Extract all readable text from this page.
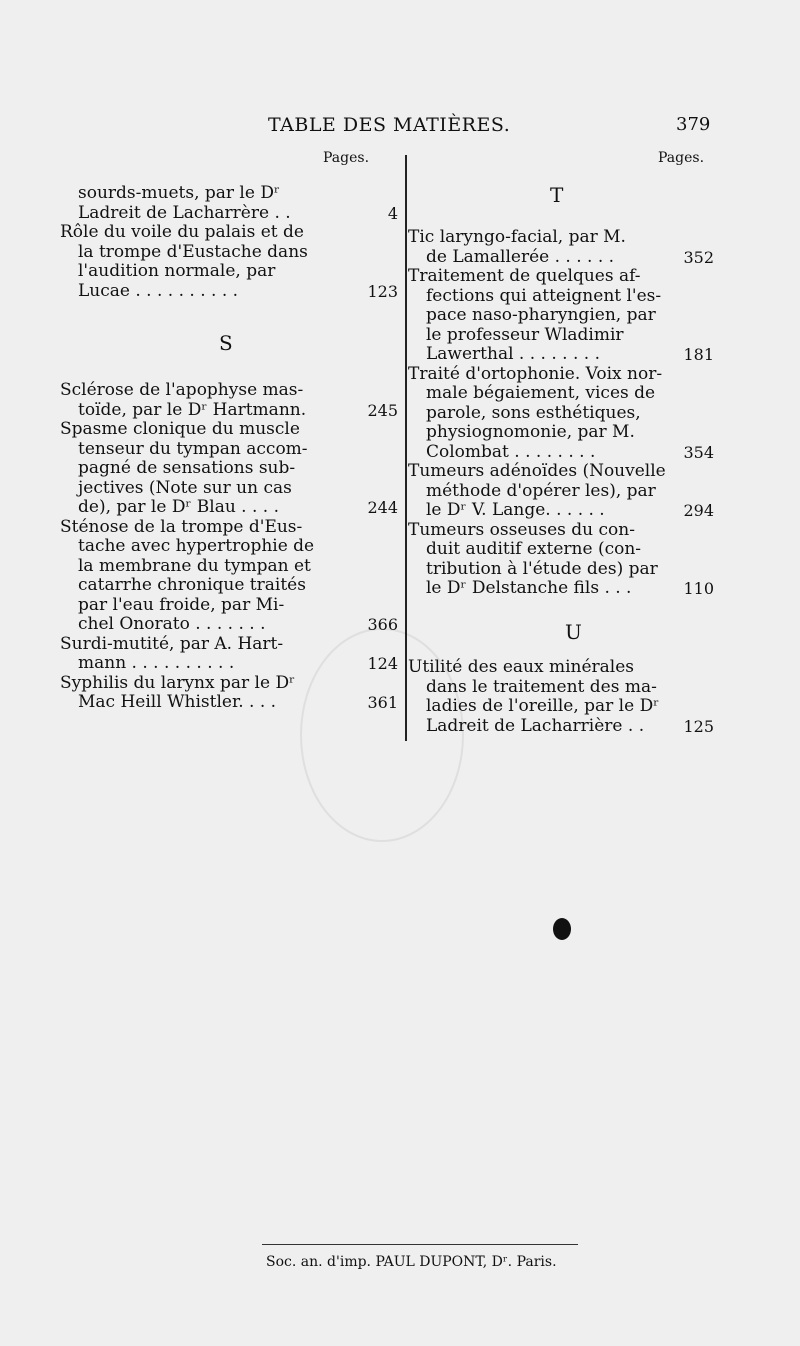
TABLE DES MATIÈRES.	379
Pages.	Pages.
S
T
U
sourds-muets, par le Dʳ
Ladreit de Lacharrère . .	4
Rôle du voile du palais et de
la trompe d'Eustache dans
l'audition normale, par
Lucae . . . . . . . . . .	123
Sclérose de l'apophyse mas-
toïde, par le Dʳ Hartmann.	245
Spasme clonique du muscle
tenseur du tympan accom-
pagné de sensations sub-
jectives (Note sur un cas
de), par le Dʳ Blau . . . .	244
Sténose de la trompe d'Eus-
tache avec hypertrophie de
la membrane du tympan et
catarrhe chronique traités
par l'eau froide, par Mi-
chel Onorato . . . . . . .	366
Surdi-mutité, par A. Hart-
mann . . . . . . . . . .	124
Syphilis du larynx par le Dʳ
Mac Heill Whistler. . . .	361
Tic laryngo-facial, par M.
de Lamallerée . . . . . .	352
Traitement de quelques af-
fections qui atteignent l'es-
pace naso-pharyngien, par
le professeur Wladimir
Lawerthal . . . . . . . .	181
Traité d'ortophonie. Voix nor-
male bégaiement, vices de
parole, sons esthétiques,
physiognomonie, par M.
Colombat . . . . . . . .	354
Tumeurs adénoïdes (Nouvelle
méthode d'opérer les), par
le Dʳ V. Lange. . . . . .	294
Tumeurs osseuses du con-
duit auditif externe (con-
tribution à l'étude des) par
le Dʳ Delstanche fils . . .	110
Utilité des eaux minérales
dans le traitement des ma-
ladies de l'oreille, par le Dʳ
Ladreit de Lacharrière . . 125
Soc. an. d'imp. PAUL DUPONT, Dʳ. Paris.
